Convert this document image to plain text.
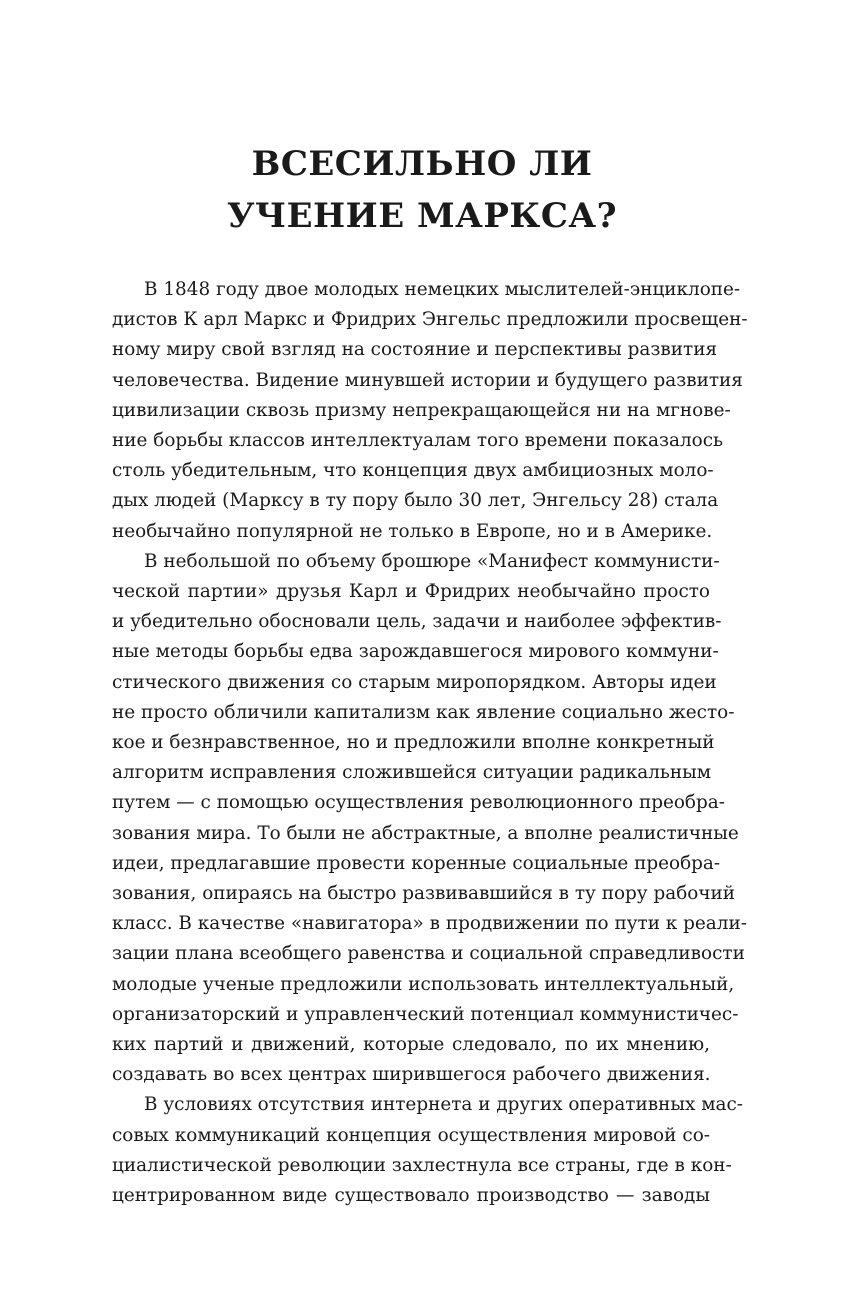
ВСЕСИЛЬНО ЛИ
УЧЕНИЕ МАРКСА?
В 1848 году двое молодых немецких мыслителей-энциклопе-
дистов К арл Маркс и Фридрих Энгельс предложили просвещен-
ному миру свой взгляд на состояние и перспективы развития
человечества. Видение минувшей истории и будущего развития
цивилизации сквозь призму непрекращающейся ни на мгнове-
ние борьбы классов интеллектуалам того времени показалось
столь убедительным, что концепция двух амбициозных моло-
дых людей (Марксу в ту пору было 30 лет, Энгельсу 28) стала
необычайно популярной не только в Европе, но и в Америке.
В небольшой по объему брошюре «Манифест коммунисти-
ческой партии» друзья Карл и Фридрих необычайно просто
и убедительно обосновали цель, задачи и наиболее эффектив-
ные методы борьбы едва зарождавшегося мирового коммуни-
стического движения со старым миропорядком. Авторы идеи
не просто обличили капитализм как явление социально жесто-
кое и безнравственное, но и предложили вполне конкретный
алгоритм исправления сложившейся ситуации радикальным
путем — с помощью осуществления революционного преобра-
зования мира. То были не абстрактные, а вполне реалистичные
идеи, предлагавшие провести коренные социальные преобра-
зования, опираясь на быстро развивавшийся в ту пору рабочий
класс. В качестве «навигатора» в продвижении по пути к реали-
зации плана всеобщего равенства и социальной справедливости
молодые ученые предложили использовать интеллектуальный,
организаторский и управленческий потенциал коммунистичес-
ких партий и движений, которые следовало, по их мнению,
создавать во всех центрах ширившегося рабочего движения.
В условиях отсутствия интернета и других оперативных мас-
совых коммуникаций концепция осуществления мировой со-
циалистической революции захлестнула все страны, где в кон-
центрированном виде существовало производство — заводы
